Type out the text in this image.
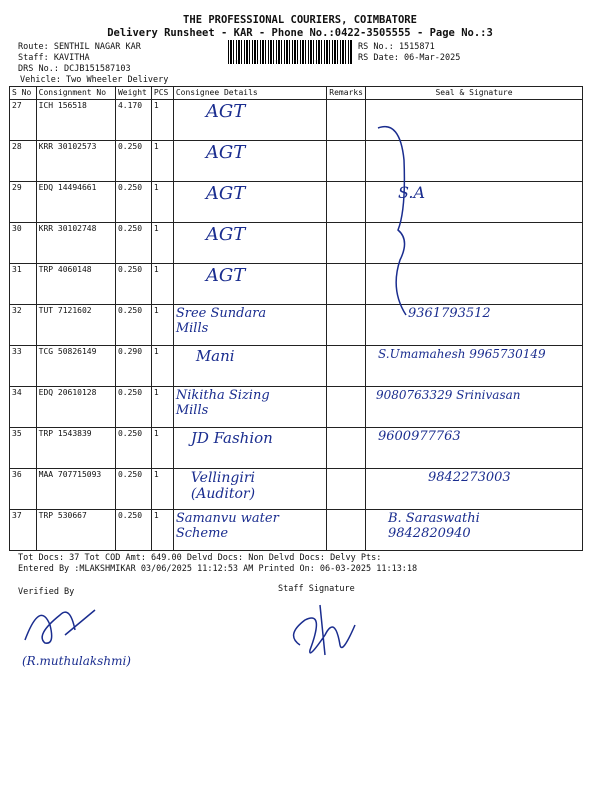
THE PROFESSIONAL COURIERS, COIMBATORE
Delivery Runsheet - KAR - Phone No.:0422-3505555 - Page No.:3
Route: SENTHIL NAGAR KAR
Staff: KAVITHA
DRS No.: DCJB151587103
Vehicle: Two Wheeler Delivery
RS No.: 1515871
RS Date: 06-Mar-2025
S No	Consignment No	Weight	PCS	Consignee Details	Remarks	Seal & Signature
27	ICH 156518	4.170	1	AGT		
28	KRR 30102573	0.250	1	AGT		
29	EDQ 14494661	0.250	1	AGT		S.A
30	KRR 30102748	0.250	1	AGT		
31	TRP 4060148	0.250	1	AGT		
32	TUT 7121602	0.250	1	Sree Sundara Mills		9361793512
33	TCG 50826149	0.290	1	Mani		S.Umamahesh 9965730149
34	EDQ 20610128	0.250	1	Nikitha Sizing Mills		9080763329 Srinivasan
35	TRP 1543839	0.250	1	JD Fashion		9600977763
36	MAA 707715093	0.250	1	Vellingiri (Auditor)		9842273003
37	TRP 530667	0.250	1	Samanvu water Scheme		B. Saraswathi 9842820940
Tot Docs: 37 Tot COD Amt: 649.00 Delvd Docs: Non Delvd Docs: Delvy Pts:
Entered By :MLAKSHMIKAR 03/06/2025 11:12:53 AM Printed On: 06-03-2025 11:13:18
Verified By	Staff Signature
(R.muthulakshmi)
